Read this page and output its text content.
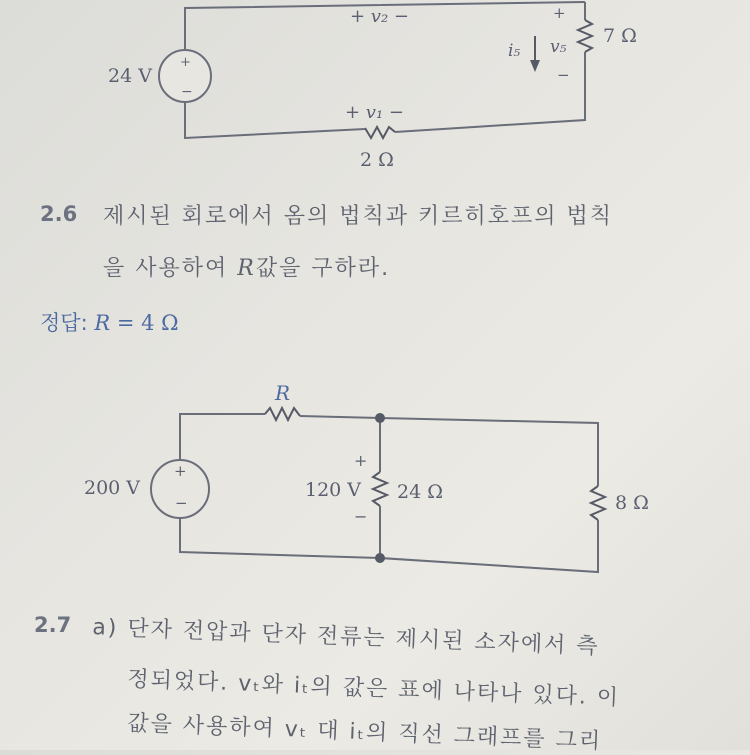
+
−
24 V
+ v₂ −	+
i₅ v₅
−
7 Ω
+ v₁ −
2 Ω
+
−
200 V
R
+
120 V
−
24 Ω	8 Ω
2.6 제시된 회로에서 옴의 법칙과 키르히호프의 법칙
을 사용하여 R값을 구하라.
정답: R = 4 Ω
2.7 a) 단자 전압과 단자 전류는 제시된 소자에서 측
정되었다. vₜ와 iₜ의 값은 표에 나타나 있다. 이
값을 사용하여 vₜ 대 iₜ의 직선 그래프를 그리
